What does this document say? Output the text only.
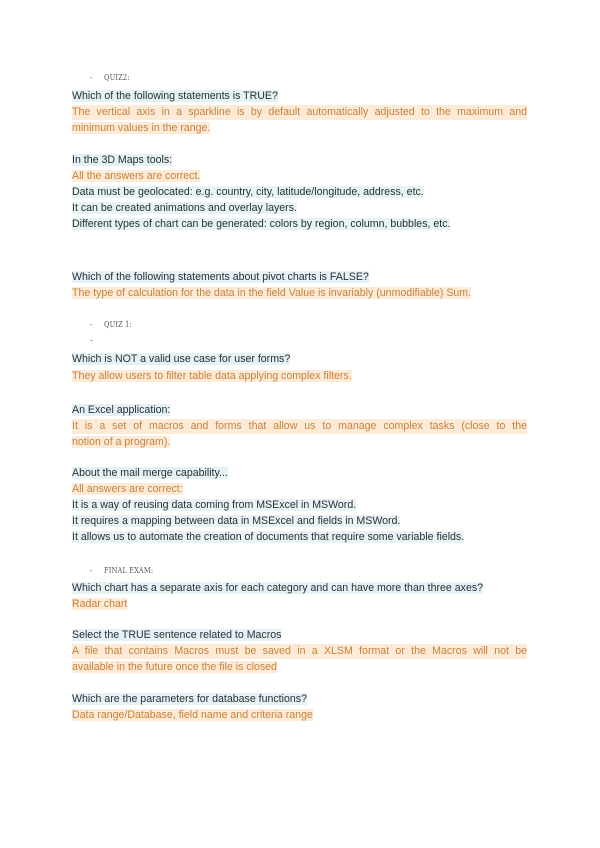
- QUIZ2:
Which of the following statements is TRUE?
The vertical axis in a sparkline is by default automatically adjusted to the maximum and
minimum values in the range.
In the 3D Maps tools:
All the answers are correct.
Data must be geolocated: e.g. country, city, latitude/longitude, address, etc.
It can be created animations and overlay layers.
Different types of chart can be generated: colors by region, column, bubbles, etc.
Which of the following statements about pivot charts is FALSE?
The type of calculation for the data in the field Value is invariably (unmodifiable) Sum.
- QUIZ 1:
-
Which is NOT a valid use case for user forms?
They allow users to filter table data applying complex filters.
An Excel application:
It is a set of macros and forms that allow us to manage complex tasks (close to the
notion of a program).
About the mail merge capability...
All answers are correct:
It is a way of reusing data coming from MSExcel in MSWord.
It requires a mapping between data in MSExcel and fields in MSWord.
It allows us to automate the creation of documents that require some variable fields.
- FINAL EXAM:
Which chart has a separate axis for each category and can have more than three axes?
Radar chart
Select the TRUE sentence related to Macros
A file that contains Macros must be saved in a XLSM format or the Macros will not be
available in the future once the file is closed
Which are the parameters for database functions?
Data range/Database, field name and criteria range
